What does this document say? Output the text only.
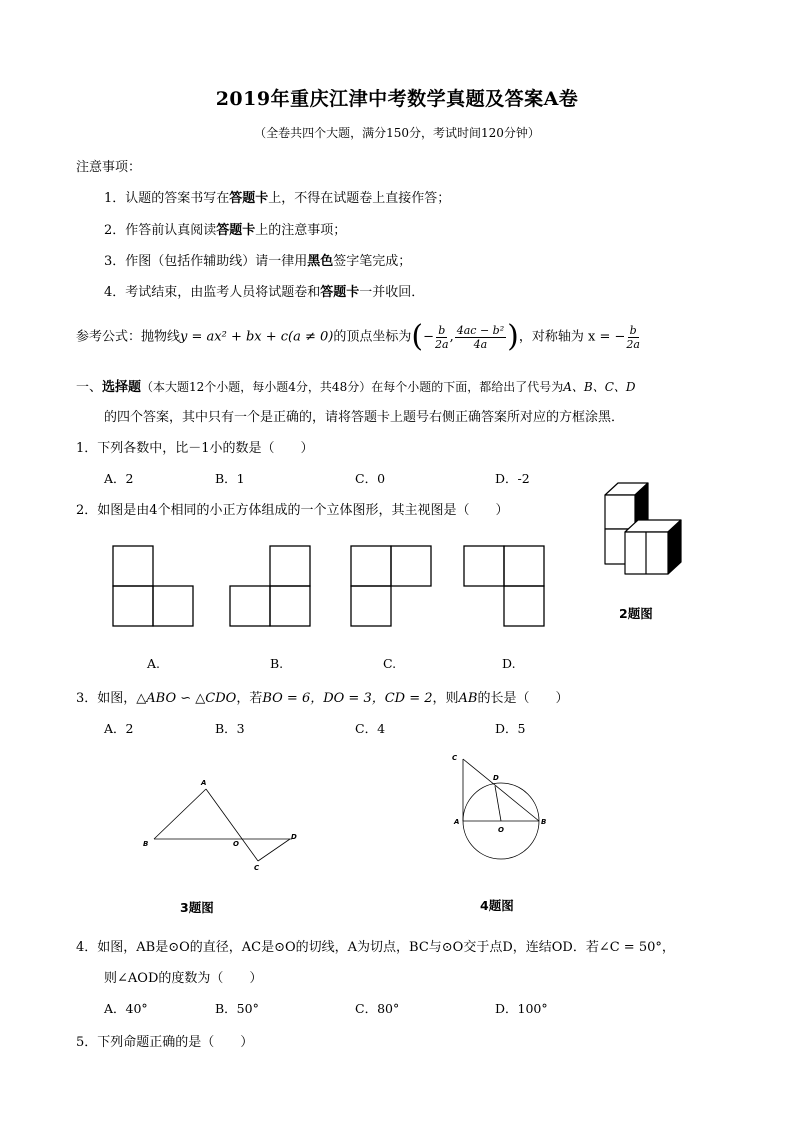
2019年重庆江津中考数学真题及答案A卷
（全卷共四个大题，满分150分，考试时间120分钟）
注意事项：
1．认题的答案书写在答题卡上，不得在试题卷上直接作答；
2．作答前认真阅读答题卡上的注意事项；
3．作图（包括作辅助线）请一律用黑色签字笔完成；
4．考试结束，由监考人员将试题卷和答题卡一并收回．
参考公式：抛物线y = ax² + bx + c(a ≠ 0)的顶点坐标为(− $\frac{b}{2a}$ , $\frac{\text{4ac − b²}}{4a}$ )，对称轴为 x = − $\frac{b}{2a}$
一、选择题（本大题12个小题，每小题4分，共48分）在每个小题的下面，都给出了代号为A、B、C、D
的四个答案，其中只有一个是正确的，请将答题卡上题号右侧正确答案所对应的方框涂黑．
1．下列各数中，比－1小的数是（　　）
A．2	B．1	C．0	D．-2
2．如图是由4个相同的小正方体组成的一个立体图形，其主视图是（　　）
2题图
A.	B.	C.	D.
3．如图，△ABO ∽ △CDO，若BO = 6，DO = 3，CD = 2，则AB的长是（　　）
A．2	B．3	C．4	D．5
A
B	O
D
C
3题图
C
D
A
O
B
4题图
4．如图，AB是⊙O的直径，AC是⊙O的切线，A为切点，BC与⊙O交于点D，连结OD．若∠C = 50°，
则∠AOD的度数为（　　）
A．40°	B．50°	C．80°	D．100°
5．下列命题正确的是（　　）
